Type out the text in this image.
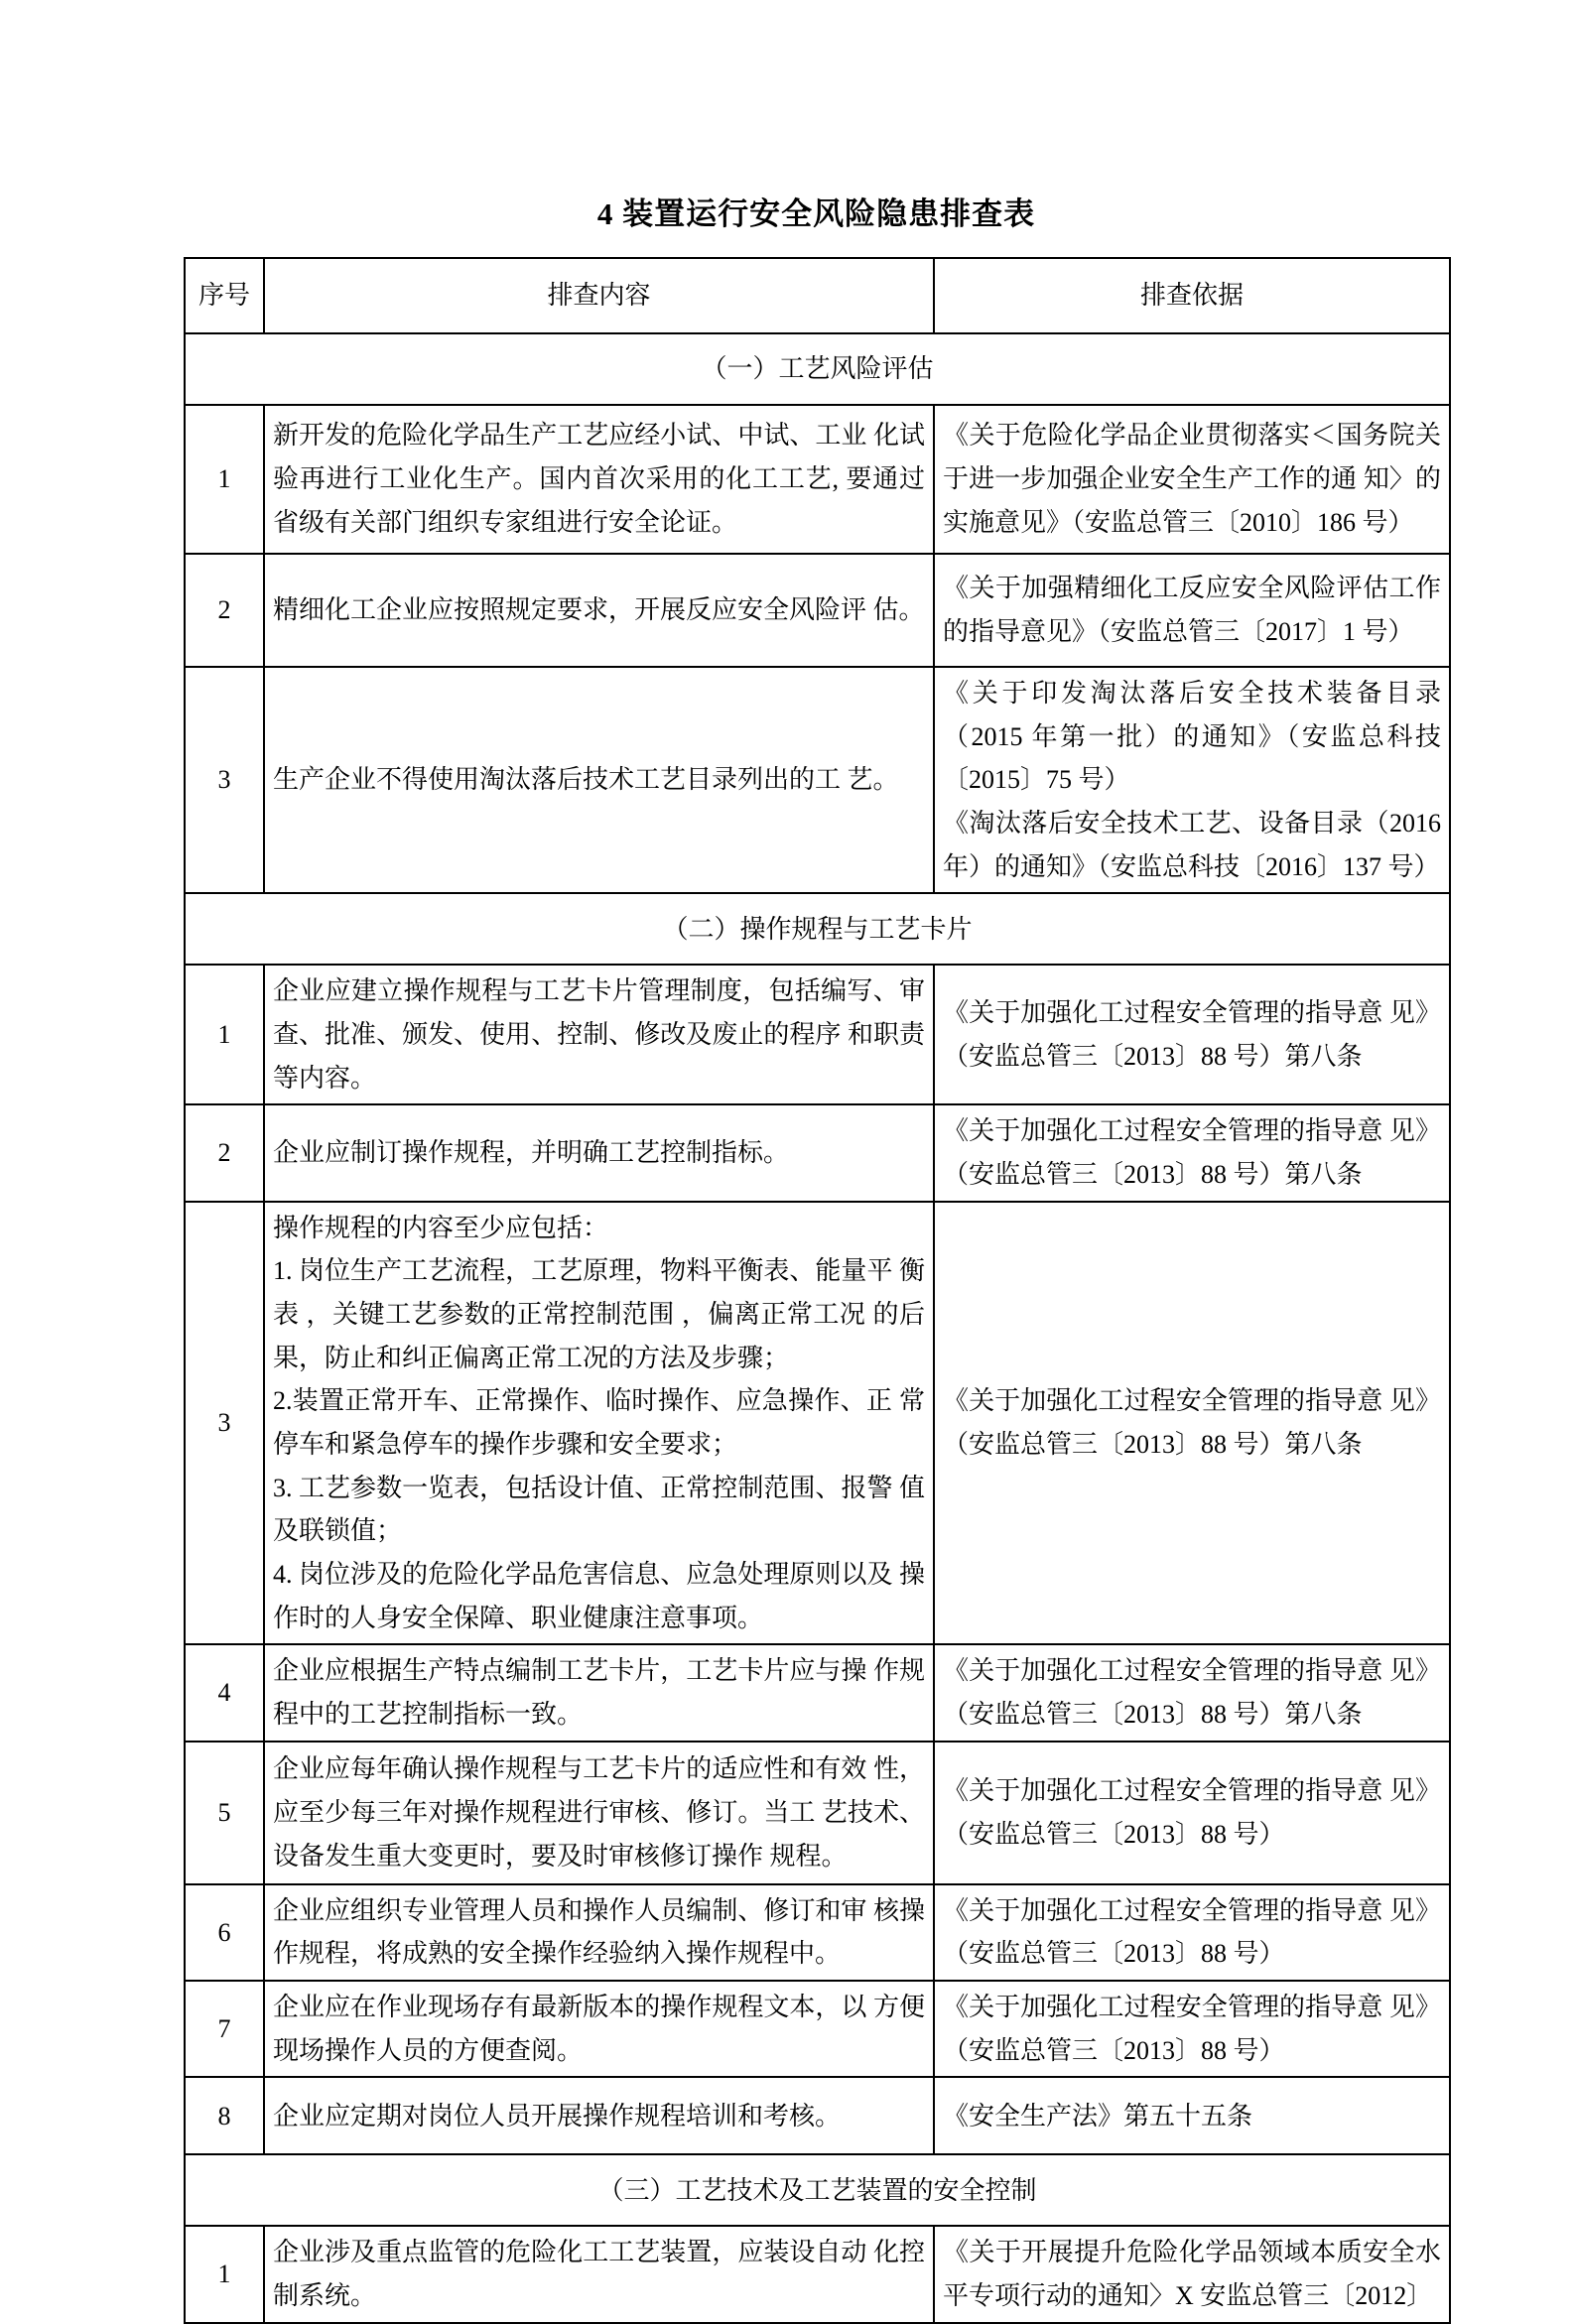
4 装置运行安全风险隐患排查表
序号	排查内容	排查依据
（一）工艺风险评估		
1	新开发的危险化学品生产工艺应经小试、中试、工业 化试验再进行工业化生产。国内首次采用的化工工艺, 要通过省级有关部门组织专家组进行安全论证。	《关于危险化学品企业贯彻落实＜国务院关于进一步加强企业安全生产工作的通 知〉的实施意见》（安监总管三〔2010〕186 号）

2	精细化工企业应按照规定要求，开展反应安全风险评 估。	《关于加强精细化工反应安全风险评估工作的指导意见》（安监总管三〔2017〕1 号）

3	生产企业不得使用淘汰落后技术工艺目录列出的工 艺。	《关于印发淘汰落后安全技术装备目录（2015 年第一批）的通知》（安监总科技〔2015〕75 号）
《淘汰落后安全技术工艺、设备目录（2016 年）的通知》（安监总科技〔2016〕137 号）

（二）操作规程与工艺卡片		
1	企业应建立操作规程与工艺卡片管理制度，包括编写、审查、批准、颁发、使用、控制、修改及废止的程序 和职责等内容。	《关于加强化工过程安全管理的指导意 见》（安监总管三〔2013〕88 号）第八条

2	企业应制订操作规程，并明确工艺控制指标。	《关于加强化工过程安全管理的指导意 见》（安监总管三〔2013〕88 号）第八条

3	操作规程的内容至少应包括：
1. 岗位生产工艺流程，工艺原理，物料平衡表、能量平 衡表 ，关键工艺参数的正常控制范围 ，偏离正常工况 的后果，防止和纠正偏离正常工况的方法及步骤；
2.装置正常开车、正常操作、临时操作、应急操作、正 常停车和紧急停车的操作步骤和安全要求；
3. 工艺参数一览表，包括设计值、正常控制范围、报警 值及联锁值；
4. 岗位涉及的危险化学品危害信息、应急处理原则以及 操作时的人身安全保障、职业健康注意事项。	《关于加强化工过程安全管理的指导意 见》（安监总管三〔2013〕88 号）第八条

4	企业应根据生产特点编制工艺卡片，工艺卡片应与操 作规程中的工艺控制指标一致。	《关于加强化工过程安全管理的指导意 见》（安监总管三〔2013〕88 号）第八条

5	企业应每年确认操作规程与工艺卡片的适应性和有效 性，应至少每三年对操作规程进行审核、修订。当工 艺技术、设备发生重大变更时，要及时审核修订操作 规程。	《关于加强化工过程安全管理的指导意 见》（安监总管三〔2013〕88 号）

6	企业应组织专业管理人员和操作人员编制、修订和审 核操作规程，将成熟的安全操作经验纳入操作规程中。	《关于加强化工过程安全管理的指导意 见》（安监总管三〔2013〕88 号）

7	企业应在作业现场存有最新版本的操作规程文本，以 方便现场操作人员的方便查阅。	《关于加强化工过程安全管理的指导意 见》（安监总管三〔2013〕88 号）

8	企业应定期对岗位人员开展操作规程培训和考核。	《安全生产法》第五十五条

（三）工艺技术及工艺装置的安全控制		
1	企业涉及重点监管的危险化工工艺装置，应装设自动 化控制系统。	《关于开展提升危险化学品领域本质安全水平专项行动的通知〉X 安监总管三〔2012〕
